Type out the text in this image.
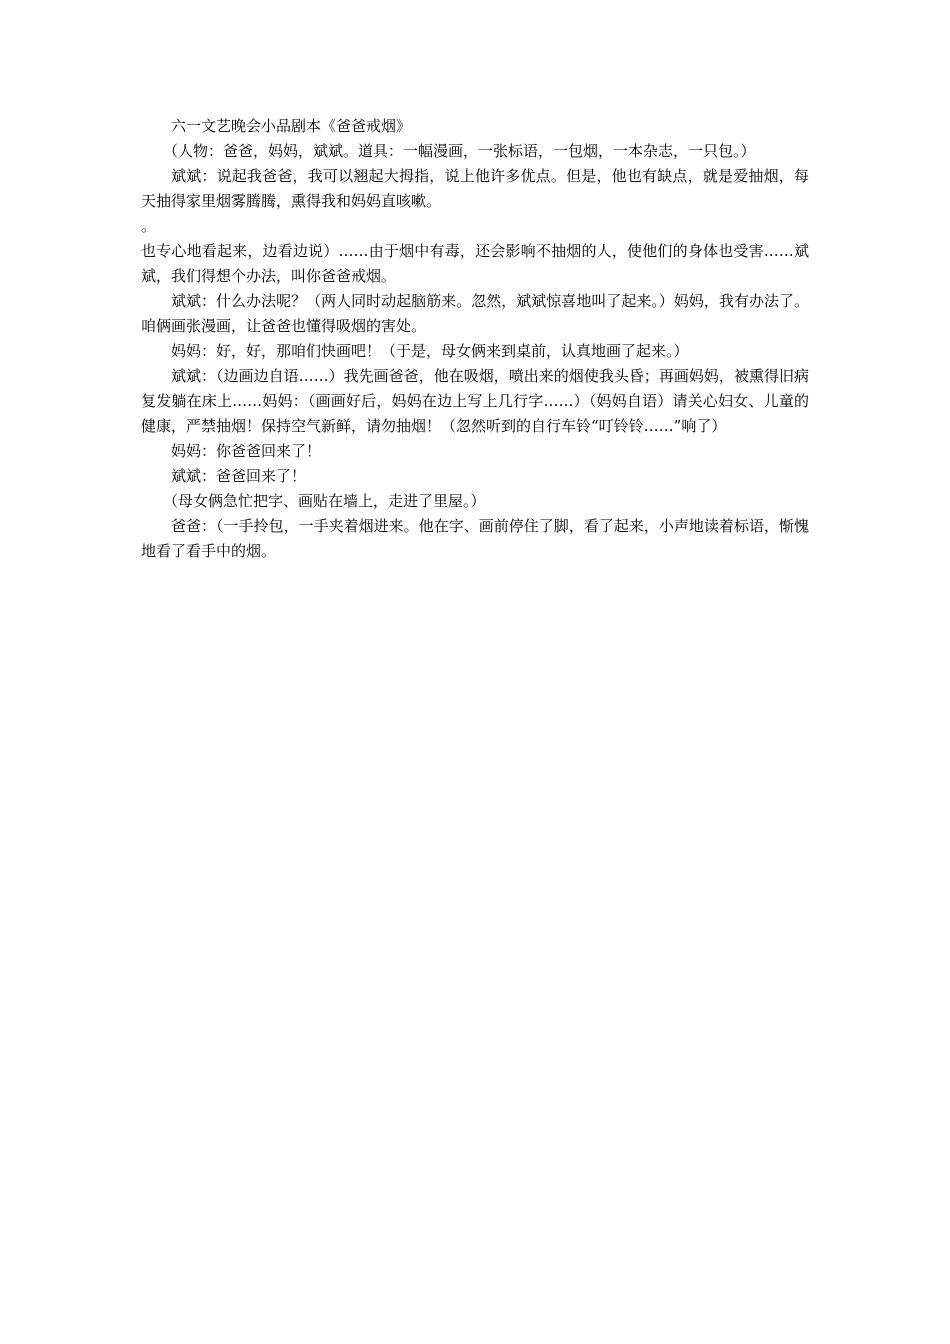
六一文艺晚会小品剧本《爸爸戒烟》

（人物：爸爸，妈妈，斌斌。道具：一幅漫画，一张标语，一包烟，一本杂志，一只包。）

斌斌：说起我爸爸，我可以翘起大拇指，说上他许多优点。但是，他也有缺点，就是爱抽烟，每天抽得家里烟雾腾腾，熏得我和妈妈直咳嗽。

。

也专心地看起来，边看边说）……由于烟中有毒，还会影响不抽烟的人，使他们的身体也受害……斌斌，我们得想个办法，叫你爸爸戒烟。

斌斌：什么办法呢？（两人同时动起脑筋来。忽然，斌斌惊喜地叫了起来。）妈妈，我有办法了。咱俩画张漫画，让爸爸也懂得吸烟的害处。

妈妈：好，好，那咱们快画吧！（于是，母女俩来到桌前，认真地画了起来。）

斌斌：（边画边自语……）我先画爸爸，他在吸烟，喷出来的烟使我头昏；再画妈妈，被熏得旧病复发躺在床上……妈妈：（画画好后，妈妈在边上写上几行字……）（妈妈自语）请关心妇女、儿童的健康，严禁抽烟！保持空气新鲜，请勿抽烟！（忽然听到的自行车铃“叮铃铃……”响了）

妈妈：你爸爸回来了！

斌斌：爸爸回来了！

（母女俩急忙把字、画贴在墙上，走进了里屋。）

爸爸：（一手拎包，一手夹着烟进来。他在字、画前停住了脚，看了起来，小声地读着标语，惭愧地看了看手中的烟。
